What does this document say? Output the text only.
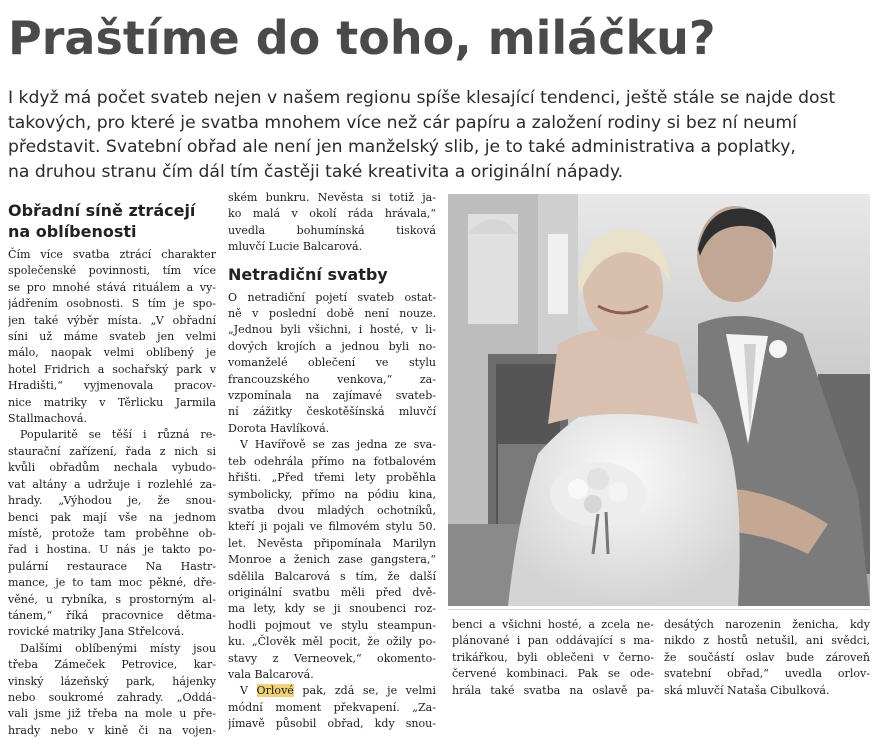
Praštíme do toho, miláčku?
I když má počet svateb nejen v našem regionu spíše klesající tendenci, ještě stále se najde dost
takových, pro které je svatba mnohem více než cár papíru a založení rodiny si bez ní neumí
představit. Svatební obřad ale není jen manželský slib, je to také administrativa a poplatky,
na druhou stranu čím dál tím častěji také kreativita a originální nápady.
Obřadní síně ztrácejí
na oblíbenosti
Čím více svatba ztrácí charakter
společenské povinnosti, tím více
se pro mnohé stává rituálem a vy-
jádřením osobnosti. S tím je spo-
jen také výběr místa. „V obřadní
síni už máme svateb jen velmi
málo, naopak velmi oblíbený je
hotel Fridrich a sochařský park v
Hradišti,“ vyjmenovala pracov-
nice matriky v Těrlicku Jarmila
Stallmachová.
Popularitě se těší i různá re-
staurační zařízení, řada z nich si
kvůli obřadům nechala vybudo-
vat altány a udržuje i rozlehlé za-
hrady. „Výhodou je, že snou-
benci pak mají vše na jednom
místě, protože tam proběhne ob-
řad i hostina. U nás je takto po-
pulární restaurace Na Hastr-
mance, je to tam moc pěkné, dře-
věné, u rybníka, s prostorným al-
tánem,“ říká pracovnice dětma-
rovické matriky Jana Střelcová.
Dalšími oblíbenými místy jsou
třeba Zámeček Petrovice, kar-
vinský lázeňský park, hájenky
nebo soukromé zahrady. „Oddá-
vali jsme již třeba na mole u pře-
hrady nebo v kině či na vojen-
ském bunkru. Nevěsta si totiž ja-
ko malá v okolí ráda hrávala,“
uvedla bohumínská tisková
mluvčí Lucie Balcarová.
Netradiční svatby
O netradiční pojetí svateb ostat-
ně v poslední době není nouze.
„Jednou byli všichni, i hosté, v li-
dových krojích a jednou byli no-
vomanželé oblečení ve stylu
francouzského venkova,“ za-
vzpomínala na zajímavé svateb-
ní zážitky českotěšínská mluvčí
Dorota Havlíková.
V Havířově se zas jedna ze sva-
teb odehrála přímo na fotbalovém
hřišti. „Před třemi lety proběhla
symbolicky, přímo na pódiu kina,
svatba dvou mladých ochotníků,
kteří ji pojali ve filmovém stylu 50.
let. Nevěsta připomínala Marilyn
Monroe a ženich zase gangstera,“
sdělila Balcarová s tím, že další
originální svatbu měli před dvě-
ma lety, kdy se ji snoubenci roz-
hodli pojmout ve stylu steampun-
ku. „Člověk měl pocit, že ožily po-
stavy z Verneovek,“ okomento-
vala Balcarová.
V Orlové pak, zdá se, je velmi
módní moment překvapení. „Za-
jímavě působil obřad, kdy snou-
benci a všichni hosté, a zcela ne-
plánované i pan oddávající s ma-
trikářkou, byli oblečeni v černo-
červené kombinaci. Pak se ode-
hrála také svatba na oslavě pa-
desátých narozenin ženicha, kdy
nikdo z hostů netušil, ani svědci,
že součástí oslav bude zároveň
svatební obřad,“ uvedla orlov-
ská mluvčí Nataša Cibulková.
